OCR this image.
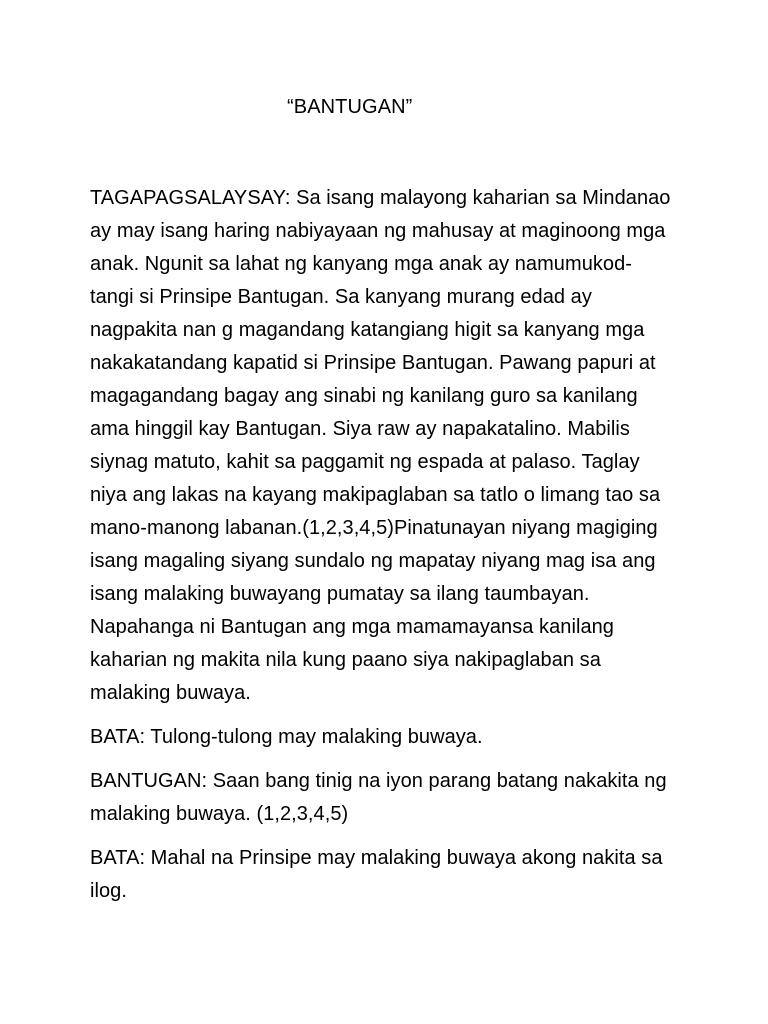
“BANTUGAN”

TAGAPAGSALAYSAY: Sa isang malayong kaharian sa Mindanao
ay may isang haring nabiyayaan ng mahusay at maginoong mga
anak. Ngunit sa lahat ng kanyang mga anak ay namumukod-
tangi si Prinsipe Bantugan. Sa kanyang murang edad ay
nagpakita nan g magandang katangiang higit sa kanyang mga
nakakatandang kapatid si Prinsipe Bantugan. Pawang papuri at
magagandang bagay ang sinabi ng kanilang guro sa kanilang
ama hinggil kay Bantugan. Siya raw ay napakatalino. Mabilis
siynag matuto, kahit sa paggamit ng espada at palaso. Taglay
niya ang lakas na kayang makipaglaban sa tatlo o limang tao sa
mano-manong labanan.(1,2,3,4,5)Pinatunayan niyang magiging
isang magaling siyang sundalo ng mapatay niyang mag isa ang
isang malaking buwayang pumatay sa ilang taumbayan.
Napahanga ni Bantugan ang mga mamamayansa kanilang
kaharian ng makita nila kung paano siya nakipaglaban sa
malaking buwaya.

BATA: Tulong-tulong may malaking buwaya.

BANTUGAN: Saan bang tinig na iyon parang batang nakakita ng
malaking buwaya. (1,2,3,4,5)

BATA: Mahal na Prinsipe may malaking buwaya akong nakita sa
ilog.
